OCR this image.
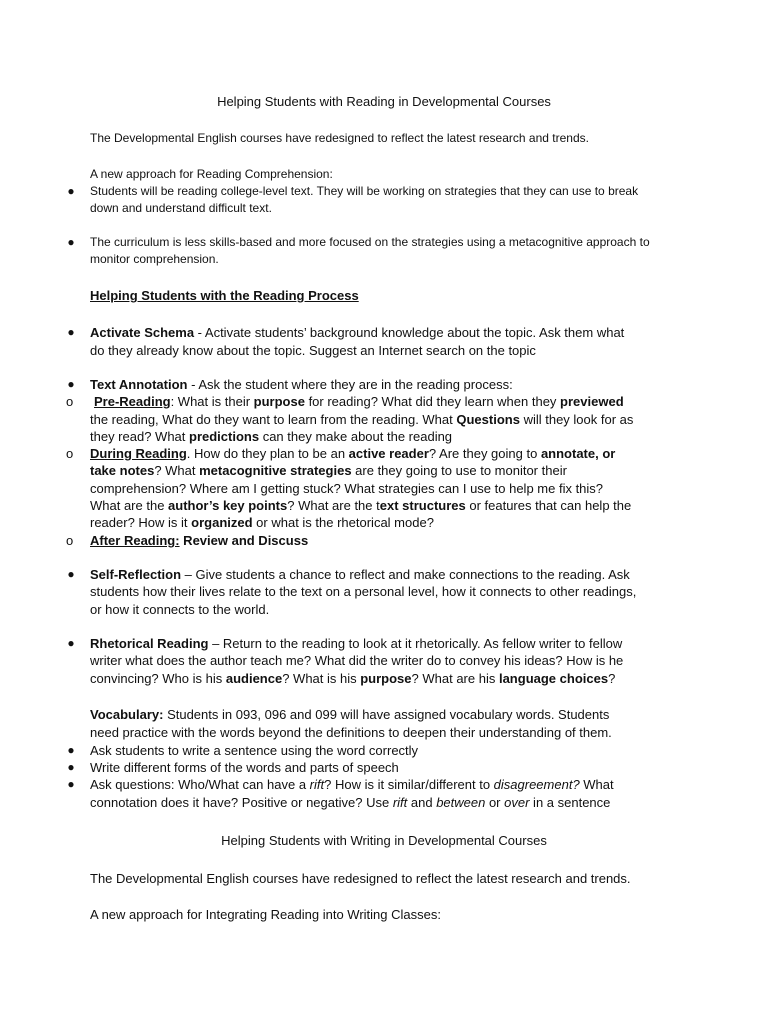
Helping Students with Reading in Developmental Courses
The Developmental English courses have redesigned to reflect the latest research and trends.
A new approach for Reading Comprehension:
● Students will be reading college-level text. They will be working on strategies that they can use to break
down and understand difficult text.
● The curriculum is less skills-based and more focused on the strategies using a metacognitive approach to
monitor comprehension.
Helping Students with the Reading Process
● Activate Schema - Activate students’ background knowledge about the topic. Ask them what
do they already know about the topic. Suggest an Internet search on the topic
● Text Annotation - Ask the student where they are in the reading process:
o Pre-Reading: What is their purpose for reading? What did they learn when they previewed
the reading, What do they want to learn from the reading. What Questions will they look for as
they read? What predictions can they make about the reading
o During Reading. How do they plan to be an active reader? Are they going to annotate, or
take notes? What metacognitive strategies are they going to use to monitor their
comprehension? Where am I getting stuck? What strategies can I use to help me fix this?
What are the author’s key points? What are the text structures or features that can help the
reader? How is it organized or what is the rhetorical mode?
o After Reading: Review and Discuss
● Self-Reflection – Give students a chance to reflect and make connections to the reading. Ask
students how their lives relate to the text on a personal level, how it connects to other readings,
or how it connects to the world.
● Rhetorical Reading – Return to the reading to look at it rhetorically. As fellow writer to fellow
writer what does the author teach me? What did the writer do to convey his ideas? How is he
convincing? Who is his audience? What is his purpose? What are his language choices?
Vocabulary: Students in 093, 096 and 099 will have assigned vocabulary words. Students
need practice with the words beyond the definitions to deepen their understanding of them.
● Ask students to write a sentence using the word correctly
● Write different forms of the words and parts of speech
● Ask questions: Who/What can have a rift? How is it similar/different to disagreement? What
connotation does it have? Positive or negative? Use rift and between or over in a sentence
Helping Students with Writing in Developmental Courses
The Developmental English courses have redesigned to reflect the latest research and trends.
A new approach for Integrating Reading into Writing Classes:
